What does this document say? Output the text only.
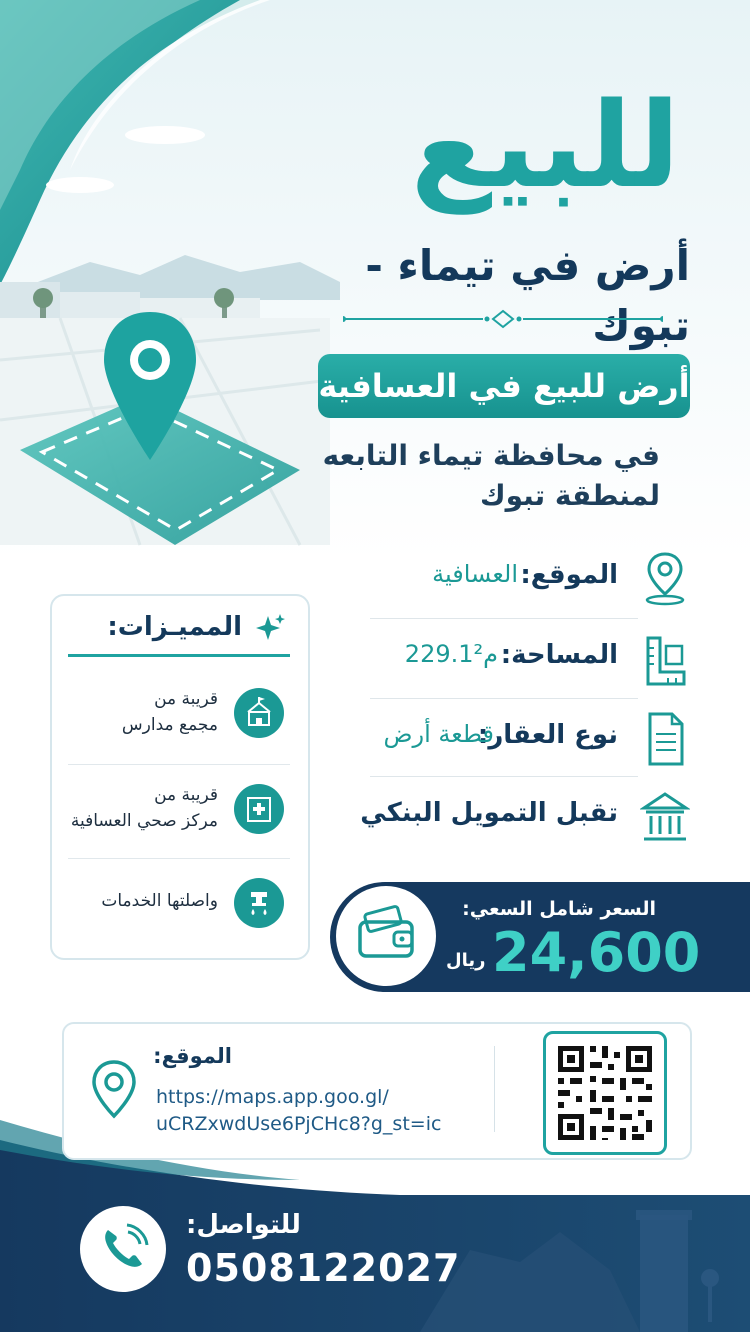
للبيع
أرض في تيماء - تبوك
أرض للبيع في العسافية
في محافظة تيماء التابعه
لمنطقة تبوك
الموقع:
العسافية
المساحة:
229.1م²
نوع العقار:
قطعة أرض
تقبل التمويل البنكي
المميـزات:
قريبة من
مجمع مدارس
قريبة من
مركز صحي العسافية
واصلتها الخدمات	السعر شامل السعي:
24,600
ريال
الموقع:
https://maps.app.goo.gl/
uCRZxwdUse6PjCHc8?g_st=ic
للتواصل:
0508122027
